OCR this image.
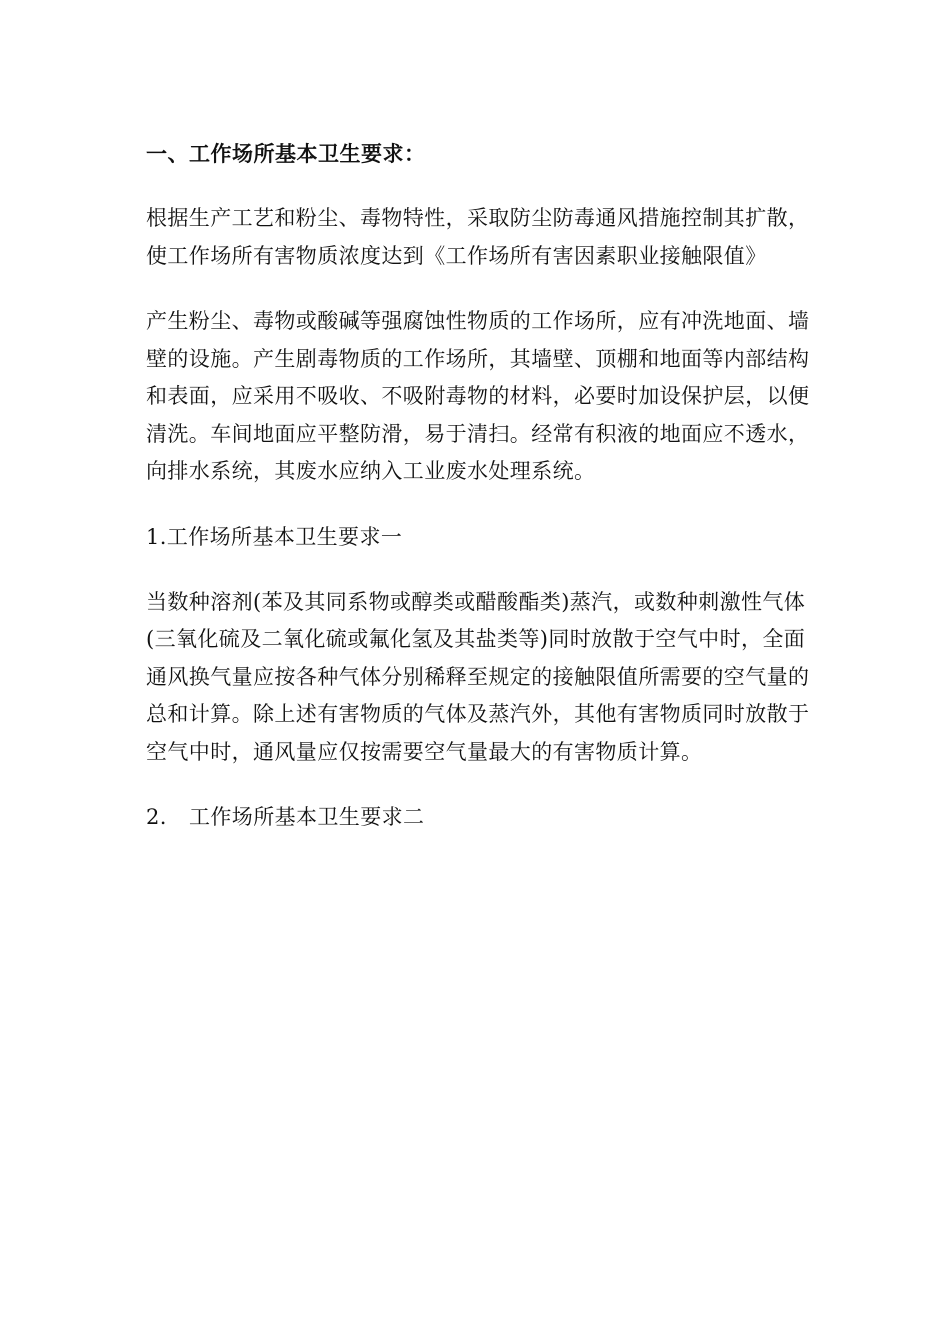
一、工作场所基本卫生要求：
根据生产工艺和粉尘、毒物特性，采取防尘防毒通风措施控制其扩散，使工作场所有害物质浓度达到《工作场所有害因素职业接触限值》
产生粉尘、毒物或酸碱等强腐蚀性物质的工作场所，应有冲洗地面、墙壁的设施。产生剧毒物质的工作场所，其墙壁、顶棚和地面等内部结构和表面，应采用不吸收、不吸附毒物的材料，必要时加设保护层，以便清洗。车间地面应平整防滑，易于清扫。经常有积液的地面应不透水，向排水系统，其废水应纳入工业废水处理系统。
1.工作场所基本卫生要求一
当数种溶剂(苯及其同系物或醇类或醋酸酯类)蒸汽，或数种刺激性气体(三氧化硫及二氧化硫或氟化氢及其盐类等)同时放散于空气中时，全面通风换气量应按各种气体分别稀释至规定的接触限值所需要的空气量的总和计算。除上述有害物质的气体及蒸汽外，其他有害物质同时放散于空气中时，通风量应仅按需要空气量最大的有害物质计算。
2. 工作场所基本卫生要求二
